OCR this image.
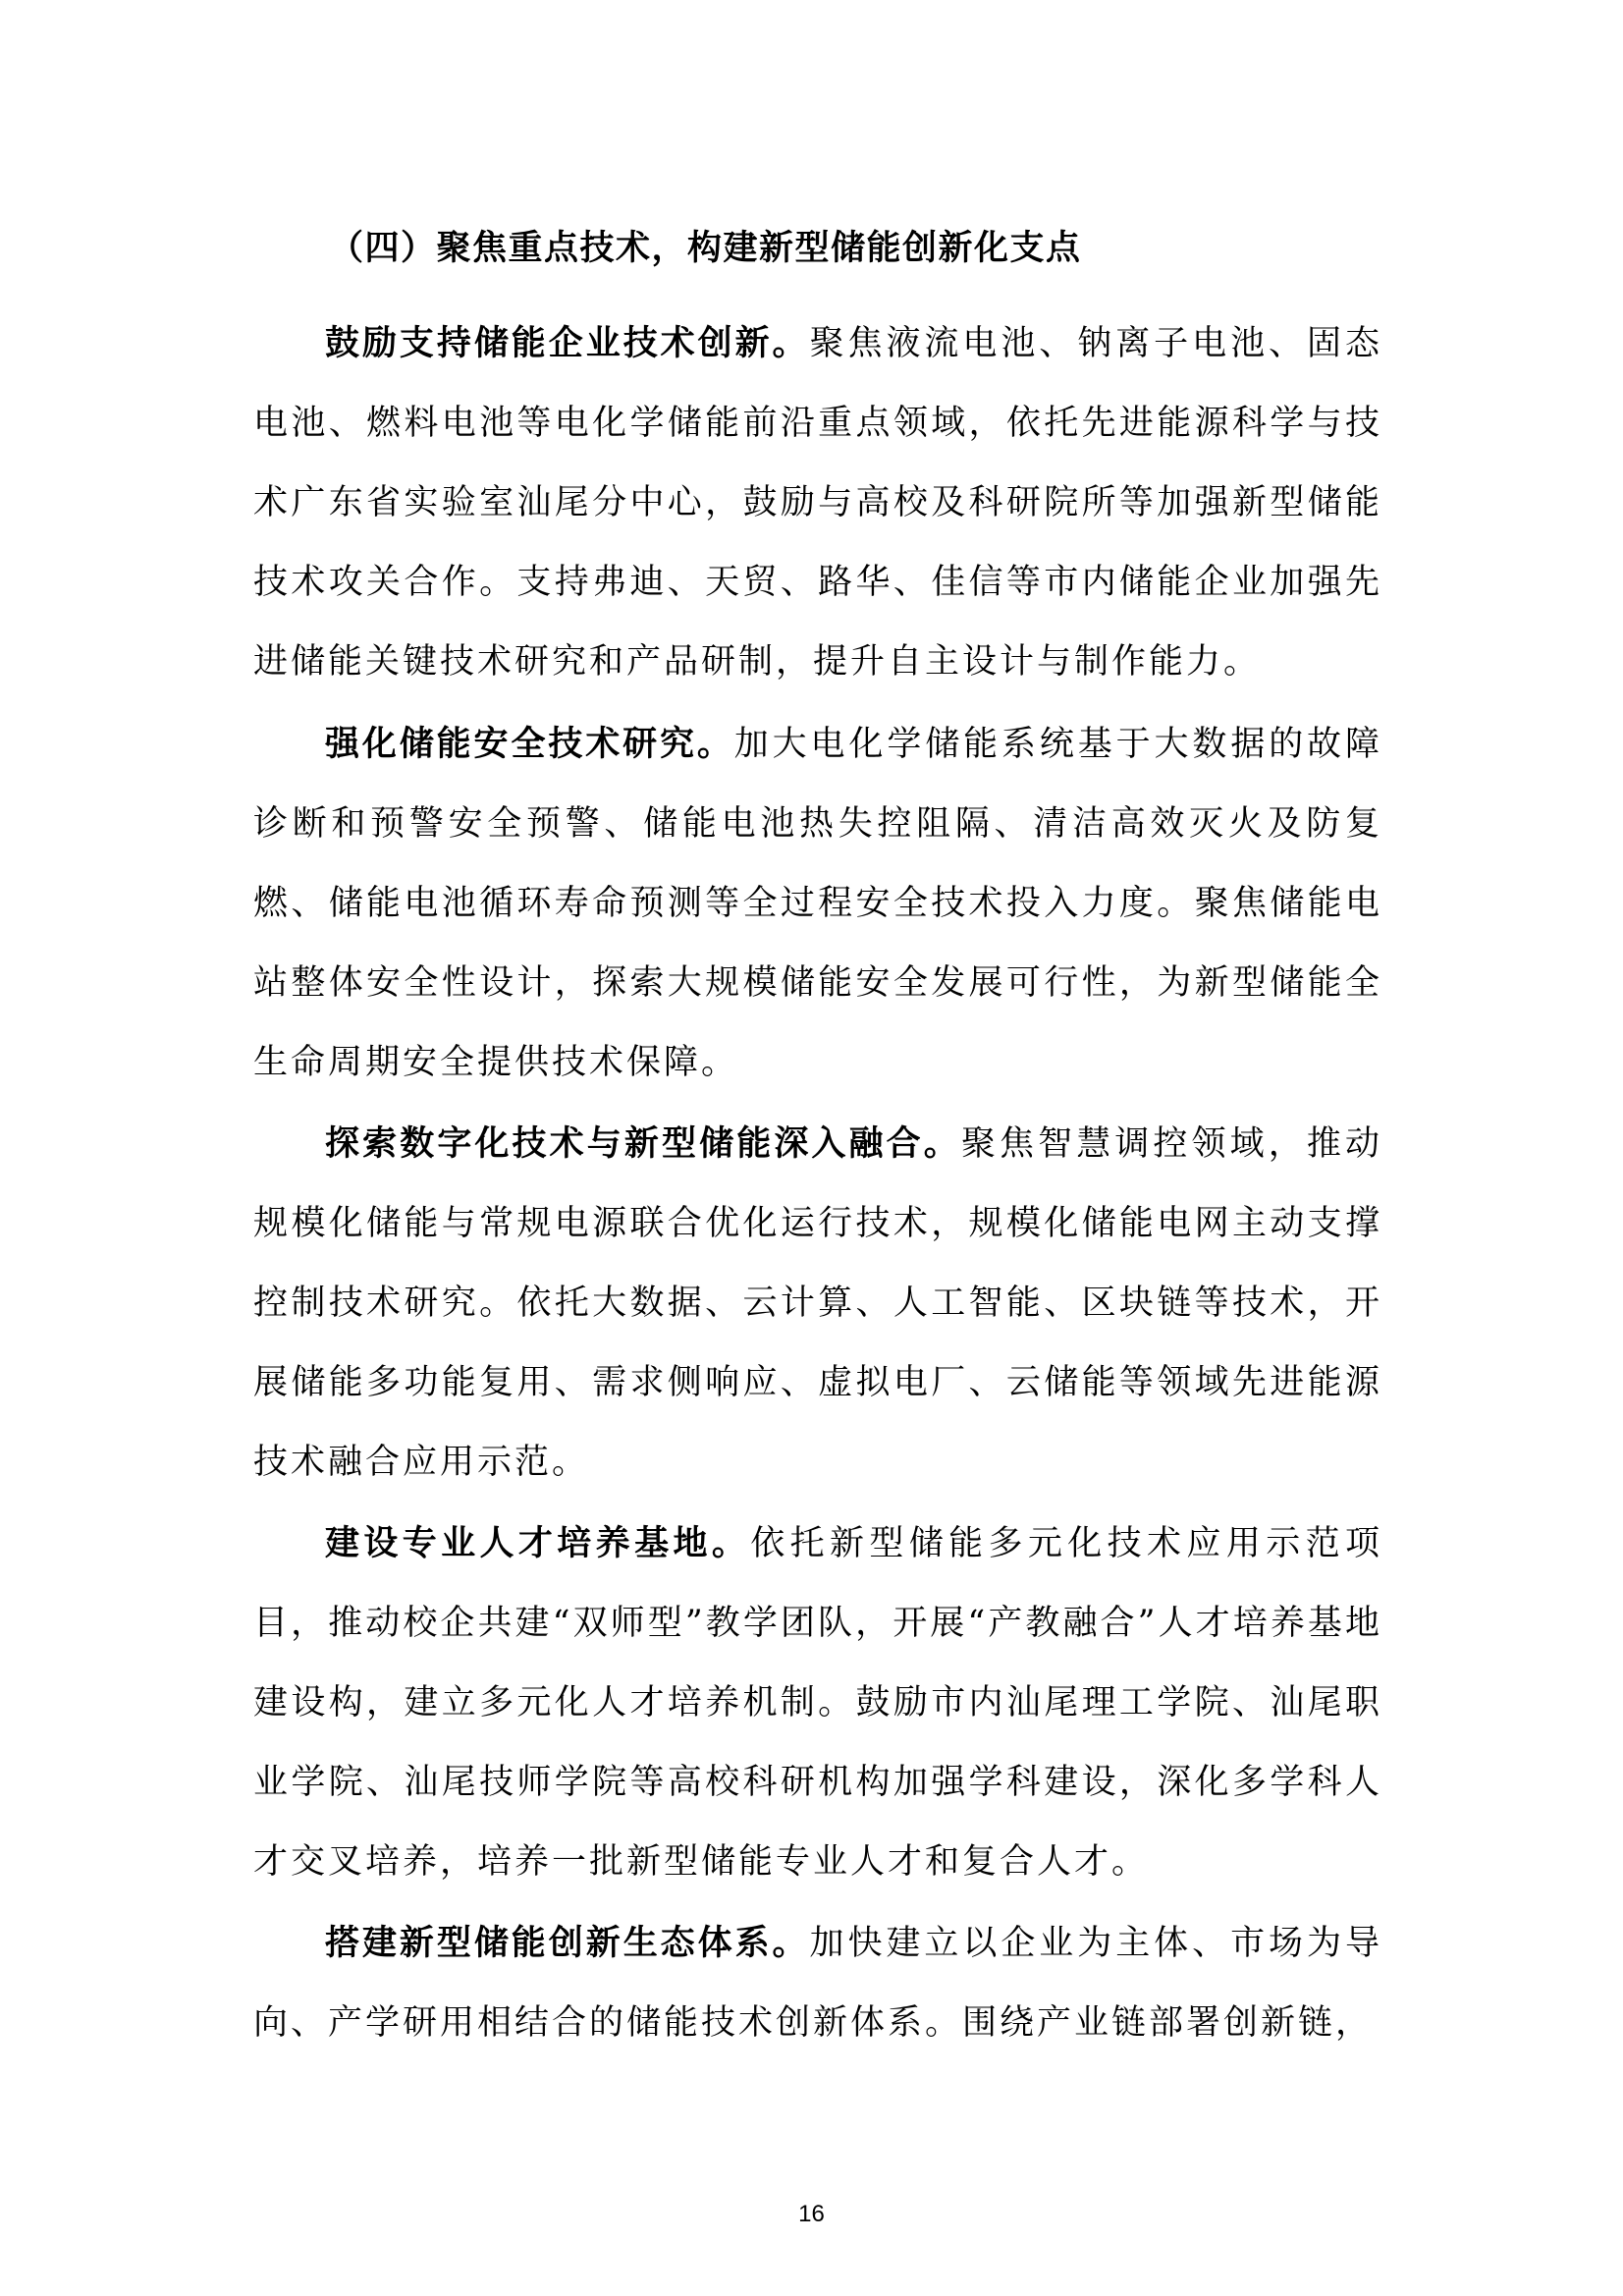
（四）聚焦重点技术，构建新型储能创新化支点

鼓励支持储能企业技术创新。聚焦液流电池、钠离子电池、固态电池、燃料电池等电化学储能前沿重点领域，依托先进能源科学与技术广东省实验室汕尾分中心，鼓励与高校及科研院所等加强新型储能技术攻关合作。支持弗迪、天贸、路华、佳信等市内储能企业加强先进储能关键技术研究和产品研制，提升自主设计与制作能力。

强化储能安全技术研究。加大电化学储能系统基于大数据的故障诊断和预警安全预警、储能电池热失控阻隔、清洁高效灭火及防复燃、储能电池循环寿命预测等全过程安全技术投入力度。聚焦储能电站整体安全性设计，探索大规模储能安全发展可行性，为新型储能全生命周期安全提供技术保障。

探索数字化技术与新型储能深入融合。聚焦智慧调控领域，推动规模化储能与常规电源联合优化运行技术，规模化储能电网主动支撑控制技术研究。依托大数据、云计算、人工智能、区块链等技术，开展储能多功能复用、需求侧响应、虚拟电厂、云储能等领域先进能源技术融合应用示范。

建设专业人才培养基地。依托新型储能多元化技术应用示范项目，推动校企共建“双师型”教学团队，开展“产教融合”人才培养基地建设构，建立多元化人才培养机制。鼓励市内汕尾理工学院、汕尾职业学院、汕尾技师学院等高校科研机构加强学科建设，深化多学科人才交叉培养，培养一批新型储能专业人才和复合人才。

搭建新型储能创新生态体系。加快建立以企业为主体、市场为导向、产学研用相结合的储能技术创新体系。围绕产业链部署创新链，

16
